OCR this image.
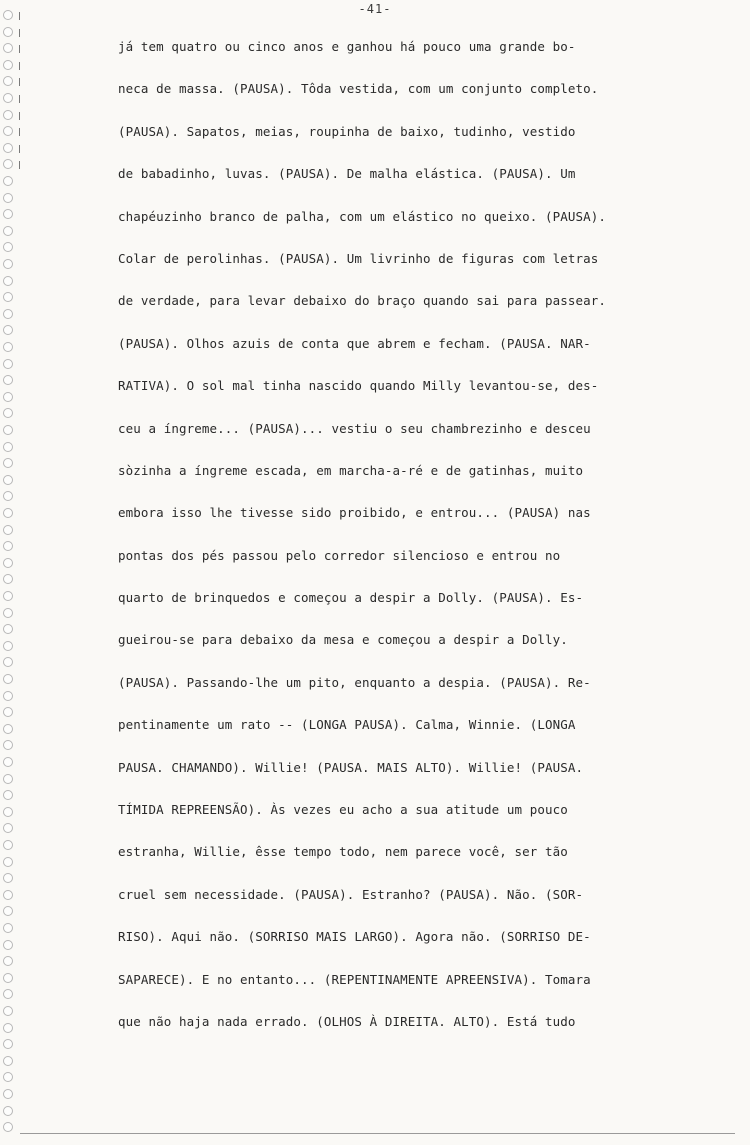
-41-
já tem quatro ou cinco anos e ganhou há pouco uma grande bo-
neca de massa. (PAUSA). Tôda vestida, com um conjunto completo.
(PAUSA). Sapatos, meias, roupinha de baixo, tudinho, vestido
de babadinho, luvas. (PAUSA). De malha elástica. (PAUSA). Um
chapéuzinho branco de palha, com um elástico no queixo. (PAUSA).
Colar de perolinhas. (PAUSA). Um livrinho de figuras com letras
de verdade, para levar debaixo do braço quando sai para passear.
(PAUSA). Olhos azuis de conta que abrem e fecham. (PAUSA. NAR-
RATIVA). O sol mal tinha nascido quando Milly levantou-se, des-
ceu a íngreme... (PAUSA)... vestiu o seu chambrezinho e desceu
sòzinha a íngreme escada, em marcha-a-ré e de gatinhas, muito
embora isso lhe tivesse sido proibido, e entrou... (PAUSA) nas
pontas dos pés passou pelo corredor silencioso e entrou no
quarto de brinquedos e começou a despir a Dolly. (PAUSA). Es-
gueirou-se para debaixo da mesa e começou a despir a Dolly.
(PAUSA). Passando-lhe um pito, enquanto a despia. (PAUSA). Re-
pentinamente um rato -- (LONGA PAUSA). Calma, Winnie. (LONGA
PAUSA. CHAMANDO). Willie! (PAUSA. MAIS ALTO). Willie! (PAUSA.
TÍMIDA REPREENSÃO). Às vezes eu acho a sua atitude um pouco
estranha, Willie, êsse tempo todo, nem parece você, ser tão
cruel sem necessidade. (PAUSA). Estranho? (PAUSA). Não. (SOR-
RISO). Aqui não. (SORRISO MAIS LARGO). Agora não. (SORRISO DE-
SAPARECE). E no entanto... (REPENTINAMENTE APREENSIVA). Tomara
que não haja nada errado. (OLHOS À DIREITA. ALTO). Está tudo
